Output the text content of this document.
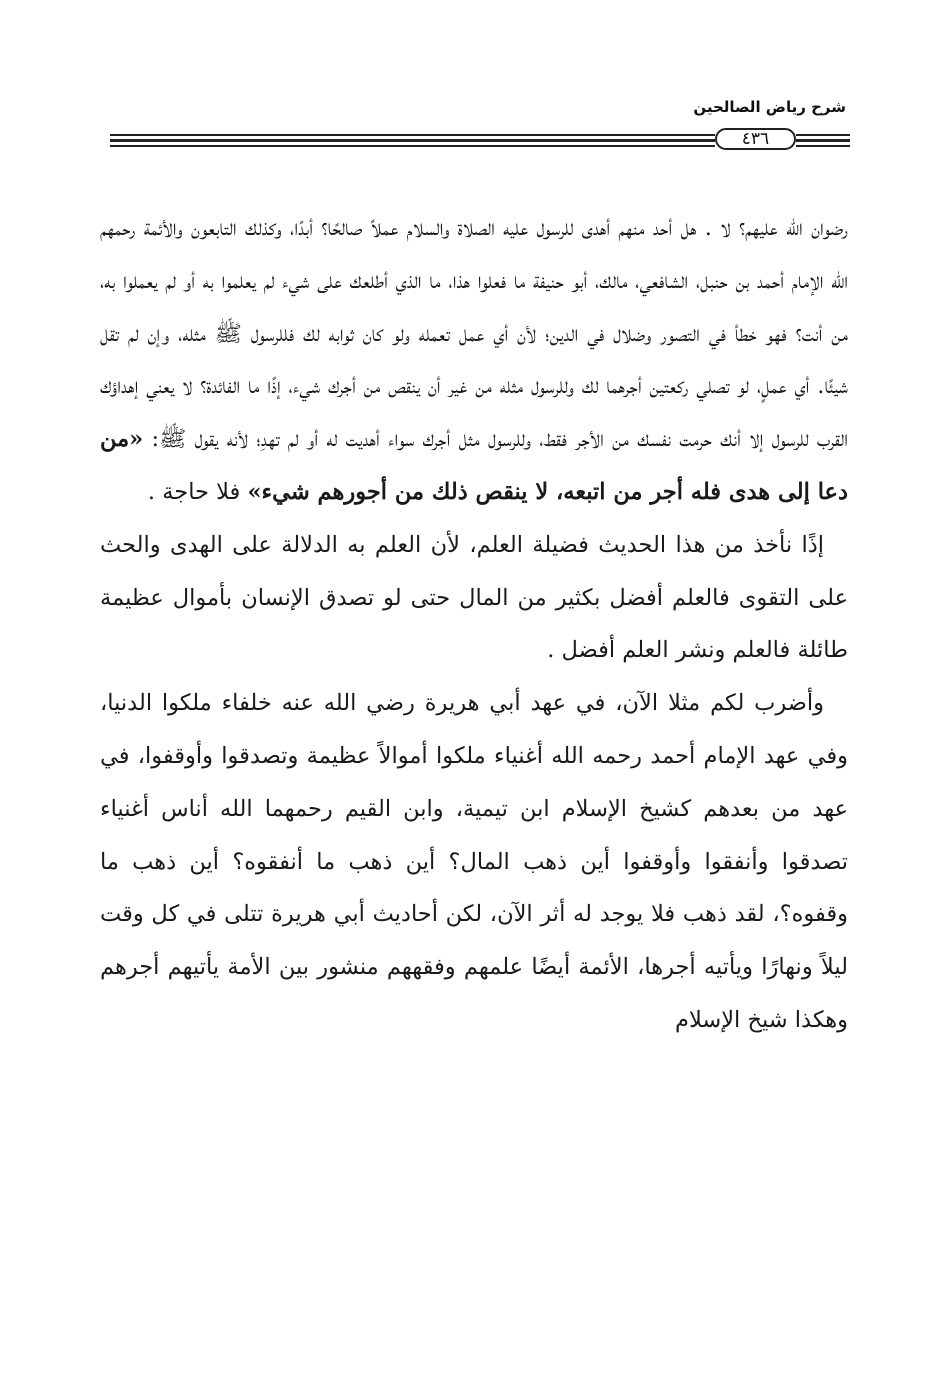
شرح رياض الصالحين
٤٣٦

رضوان الله عليهم؟ لا . هل أحد منهم أهدى للرسول عليه الصلاة والسلام عملاً صالحًا؟ أبدًا، وكذلك التابعون والأئمة رحمهم الله الإمام أحمد بن حنبل، الشافعي، مالك، أبو حنيفة ما فعلوا هذا، ما الذي أطلعك على شيء لم يعلموا به أو لم يعملوا به، من أنت؟ فهو خطأ في التصور وضلال في الدين؛ لأن أي عمل تعمله ولو كان ثوابه لك فللرسول ﷺ مثله، وإن لم تقل شيئًا. أي عملٍ، لو تصلي ركعتين أجرهما لك وللرسول مثله من غير أن ينقص من أجرك شيء، إذًا ما الفائدة؟ لا يعني إهداؤك القرب للرسول إلا أنك حرمت نفسك من الأجر فقط، وللرسول مثل أجرك سواء أهديت له أو لم تهدِ؛ لأنه يقول ﷺ: «من دعا إلى هدى فله أجر من اتبعه، لا ينقص ذلك من أجورهم شيء» فلا حاجة .

إذًا نأخذ من هذا الحديث فضيلة العلم، لأن العلم به الدلالة على الهدى والحث على التقوى فالعلم أفضل بكثير من المال حتى لو تصدق الإنسان بأموال عظيمة طائلة فالعلم ونشر العلم أفضل .

وأضرب لكم مثلا الآن، في عهد أبي هريرة رضي الله عنه خلفاء ملكوا الدنيا، وفي عهد الإمام أحمد رحمه الله أغنياء ملكوا أموالاً عظيمة وتصدقوا وأوقفوا، في عهد من بعدهم كشيخ الإسلام ابن تيمية، وابن القيم رحمهما الله أناس أغنياء تصدقوا وأنفقوا وأوقفوا أين ذهب المال؟ أين ذهب ما أنفقوه؟ أين ذهب ما وقفوه؟، لقد ذهب فلا يوجد له أثر الآن، لكن أحاديث أبي هريرة تتلى في كل وقت ليلاً ونهارًا ويأتيه أجرها، الأئمة أيضًا علمهم وفقههم منشور بين الأمة يأتيهم أجرهم وهكذا شيخ الإسلام
